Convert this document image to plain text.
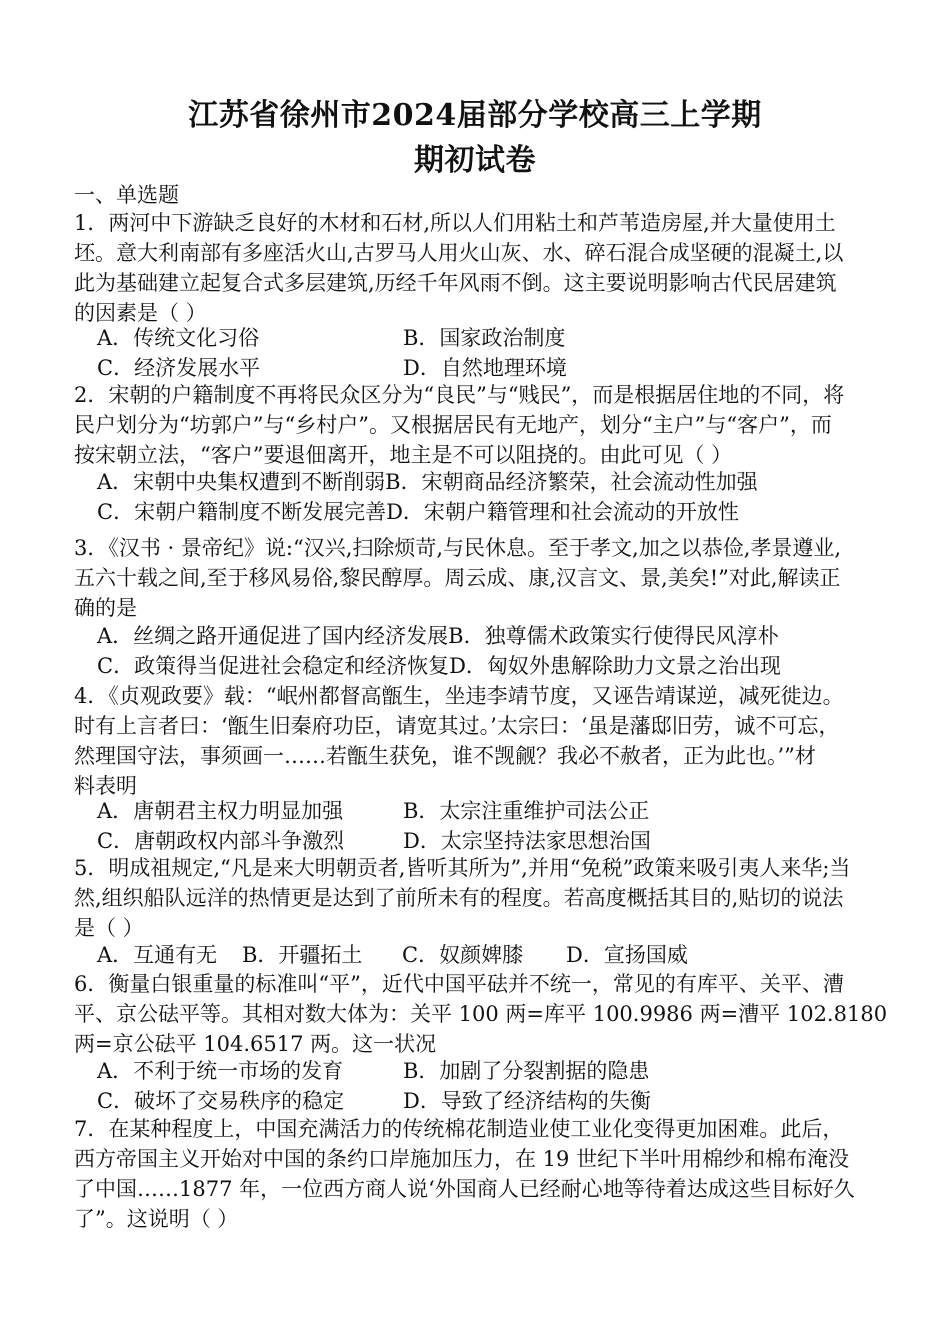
江苏省徐州市2024届部分学校高三上学期
期初试卷
一、单选题
1．两河中下游缺乏良好的木材和石材,所以人们用粘土和芦苇造房屋,并大量使用土
坯。意大利南部有多座活火山,古罗马人用火山灰、水、碎石混合成坚硬的混凝土,以
此为基础建立起复合式多层建筑,历经千年风雨不倒。这主要说明影响古代民居建筑
的因素是（ ）
A．传统文化习俗	B．国家政治制度
C．经济发展水平	D．自然地理环境
2．宋朝的户籍制度不再将民众区分为“良民”与“贱民”，而是根据居住地的不同，将
民户划分为“坊郭户”与“乡村户”。又根据居民有无地产，划分“主户”与“客户”，而
按宋朝立法，“客户”要退佃离开，地主是不可以阻挠的。由此可见（ ）
A．宋朝中央集权遭到不断削弱 B．宋朝商品经济繁荣，社会流动性加强
C．宋朝户籍制度不断发展完善 D．宋朝户籍管理和社会流动的开放性
3．《汉书 · 景帝纪》说:“汉兴,扫除烦苛,与民休息。至于孝文,加之以恭俭,孝景遵业,
五六十载之间,至于移风易俗,黎民醇厚。周云成、康,汉言文、景,美矣!”对此,解读正
确的是
A．丝绸之路开通促进了国内经济发展 B．独尊儒术政策实行使得民风淳朴
C．政策得当促进社会稳定和经济恢复 D．匈奴外患解除助力文景之治出现
4．《贞观政要》载：“岷州都督高甑生，坐违李靖节度，又诬告靖谋逆，减死徙边。
时有上言者曰：‘甑生旧秦府功臣，请宽其过。’太宗曰：‘虽是藩邸旧劳，诚不可忘，
然理国守法，事须画一……若甑生获免，谁不觊觎？我必不赦者，正为此也。’”材
料表明
A．唐朝君主权力明显加强	B．太宗注重维护司法公正
C．唐朝政权内部斗争激烈	D．太宗坚持法家思想治国
5．明成祖规定,“凡是来大明朝贡者,皆听其所为”,并用“免税”政策来吸引夷人来华;当
然,组织船队远洋的热情更是达到了前所未有的程度。若高度概括其目的,贴切的说法
是（ ）
A．互通有无	B．开疆拓土	C．奴颜婢膝	D．宣扬国威
6．衡量白银重量的标准叫“平”，近代中国平砝并不统一，常见的有库平、关平、漕
平、京公砝平等。其相对数大体为：关平 100 两=库平 100.9986 两=漕平 102.8180
两=京公砝平 104.6517 两。这一状况
A．不利于统一市场的发育	B．加剧了分裂割据的隐患
C．破坏了交易秩序的稳定	D．导致了经济结构的失衡
7．在某种程度上，中国充满活力的传统棉花制造业使工业化变得更加困难。此后，
西方帝国主义开始对中国的条约口岸施加压力，在 19 世纪下半叶用棉纱和棉布淹没
了中国……1877 年，一位西方商人说‘外国商人已经耐心地等待着达成这些目标好久
了”。这说明（ ）
